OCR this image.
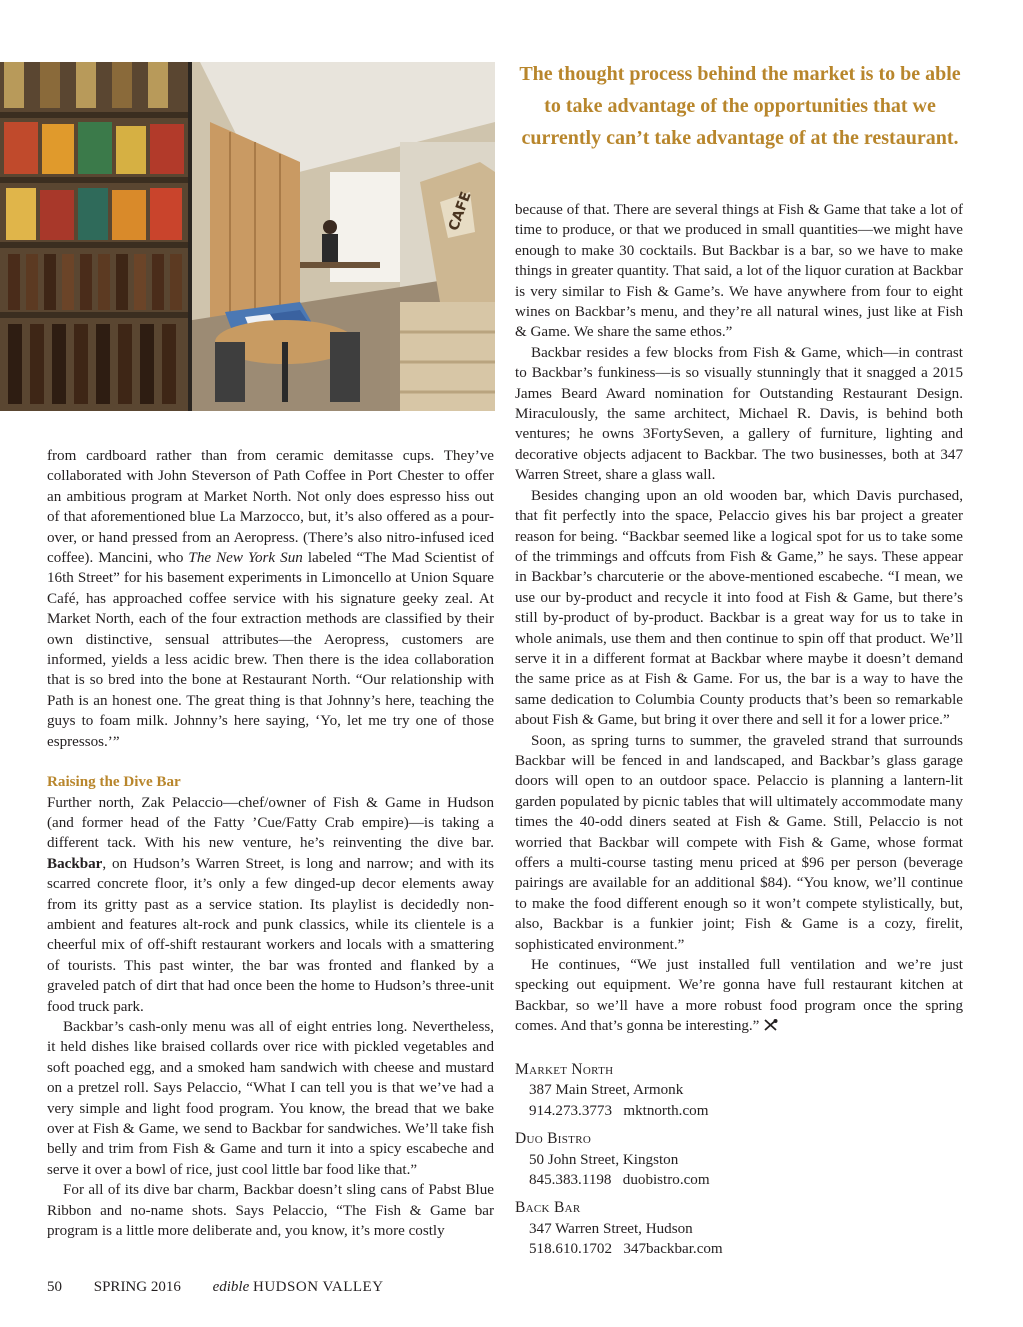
CAFE
The thought process behind the market is to be able to take advantage of the opportunities that we currently can’t take advantage of at the restaurant.

from cardboard rather than from ceramic demitasse cups. They’ve collaborated with John Steverson of Path Coffee in Port Chester to offer an ambitious program at Market North. Not only does espresso hiss out of that aforementioned blue La Marzocco, but, it’s also offered as a pour-over, or hand pressed from an Aeropress. (There’s also nitro-infused iced coffee). Mancini, who The New York Sun labeled “The Mad Scientist of 16th Street” for his basement experiments in Limoncello at Union Square Café, has approached coffee service with his signature geeky zeal. At Market North, each of the four extraction methods are classified by their own distinctive, sensual attributes—the Aeropress, customers are informed, yields a less acidic brew. Then there is the idea collaboration that is so bred into the bone at Restaurant North. “Our relationship with Path is an honest one. The great thing is that Johnny’s here, teaching the guys to foam milk. Johnny’s here saying, ‘Yo, let me try one of those espressos.’”

Raising the Dive Bar

Further north, Zak Pelaccio—chef/owner of Fish & Game in Hudson (and former head of the Fatty ’Cue/Fatty Crab empire)—is taking a different tack. With his new venture, he’s reinventing the dive bar. Backbar, on Hudson’s Warren Street, is long and narrow; and with its scarred concrete floor, it’s only a few dinged-up decor elements away from its gritty past as a service station. Its playlist is decidedly non-ambient and features alt-rock and punk classics, while its clientele is a cheerful mix of off-shift restaurant workers and locals with a smattering of tourists. This past winter, the bar was fronted and flanked by a graveled patch of dirt that had once been the home to Hudson’s three-unit food truck park.

Backbar’s cash-only menu was all of eight entries long. Nevertheless, it held dishes like braised collards over rice with pickled vegetables and soft poached egg, and a smoked ham sandwich with cheese and mustard on a pretzel roll. Says Pelaccio, “What I can tell you is that we’ve had a very simple and light food program. You know, the bread that we bake over at Fish & Game, we send to Backbar for sandwiches. We’ll take fish belly and trim from Fish & Game and turn it into a spicy escabeche and serve it over a bowl of rice, just cool little bar food like that.”

For all of its dive bar charm, Backbar doesn’t sling cans of Pabst Blue Ribbon and no-name shots. Says Pelaccio, “The Fish & Game bar program is a little more deliberate and, you know, it’s more costly

because of that. There are several things at Fish & Game that take a lot of time to produce, or that we produced in small quantities—we might have enough to make 30 cocktails. But Backbar is a bar, so we have to make things in greater quantity. That said, a lot of the liquor curation at Backbar is very similar to Fish & Game’s. We have anywhere from four to eight wines on Backbar’s menu, and they’re all natural wines, just like at Fish & Game. We share the same ethos.”

Backbar resides a few blocks from Fish & Game, which—in contrast to Backbar’s funkiness—is so visually stunningly that it snagged a 2015 James Beard Award nomination for Outstanding Restaurant Design. Miraculously, the same architect, Michael R. Davis, is behind both ventures; he owns 3FortySeven, a gallery of furniture, lighting and decorative objects adjacent to Backbar. The two businesses, both at 347 Warren Street, share a glass wall.

Besides changing upon an old wooden bar, which Davis purchased, that fit perfectly into the space, Pelaccio gives his bar project a greater reason for being. “Backbar seemed like a logical spot for us to take some of the trimmings and offcuts from Fish & Game,” he says. These appear in Backbar’s charcuterie or the above-mentioned escabeche. “I mean, we use our by-product and recycle it into food at Fish & Game, but there’s still by-product of by-product. Backbar is a great way for us to take in whole animals, use them and then continue to spin off that product. We’ll serve it in a different format at Backbar where maybe it doesn’t demand the same price as at Fish & Game. For us, the bar is a way to have the same dedication to Columbia County products that’s been so remarkable about Fish & Game, but bring it over there and sell it for a lower price.”

Soon, as spring turns to summer, the graveled strand that surrounds Backbar will be fenced in and landscaped, and Backbar’s glass garage doors will open to an outdoor space. Pelaccio is planning a lantern-lit garden populated by picnic tables that will ultimately accommodate many times the 40-odd diners seated at Fish & Game. Still, Pelaccio is not worried that Backbar will compete with Fish & Game, whose format offers a multi-course tasting menu priced at $96 per person (beverage pairings are available for an additional $84). “You know, we’ll continue to make the food different enough so it won’t compete stylistically, but, also, Backbar is a funkier joint; Fish & Game is a cozy, firelit, sophisticated environment.”

He continues, “We just installed full ventilation and we’re just specking out equipment. We’re gonna have full restaurant kitchen at Backbar, so we’ll have a more robust food program once the spring comes. And that’s gonna be interesting.”

Market North
387 Main Street, Armonk
914.273.3773 mktnorth.com
Duo Bistro
50 John Street, Kingston
845.383.1198 duobistro.com
Back Bar
347 Warren Street, Hudson
518.610.1702 347backbar.com
50 SPRING 2016 edible HUDSON VALLEY
